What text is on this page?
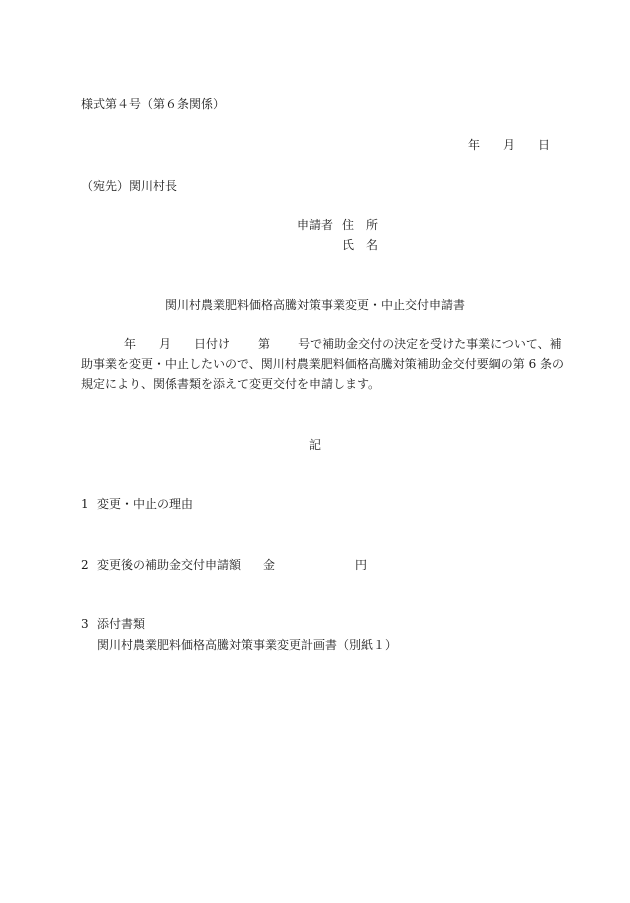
様式第４号（第６条関係）
年 月 日
（宛先）関川村長
申請者 住　所
氏　名
関川村農業肥料価格高騰対策事業変更・中止交付申請書

年 月 日付け 第 号で補助金交付の決定を受けた事業について、補

助事業を変更・中止したいので、関川村農業肥料価格高騰対策補助金交付要綱の第 6 条の

規定により、関係書類を添えて変更交付を申請します。

記
1 変更・中止の理由
2 変更後の補助金交付申請額 金	円
3 添付書類
関川村農業肥料価格高騰対策事業変更計画書（別紙１）
